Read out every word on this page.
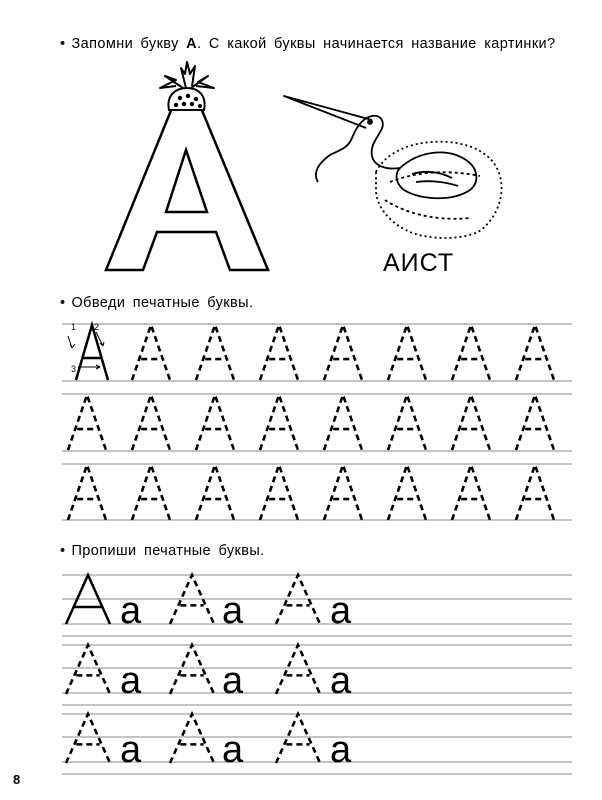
• Запомни букву А. С какой буквы начинается название картинки?
АИСТ
• Обведи печатные буквы.
• Пропиши печатные буквы.
8
1 2
3
a a a
a a a
a a a
